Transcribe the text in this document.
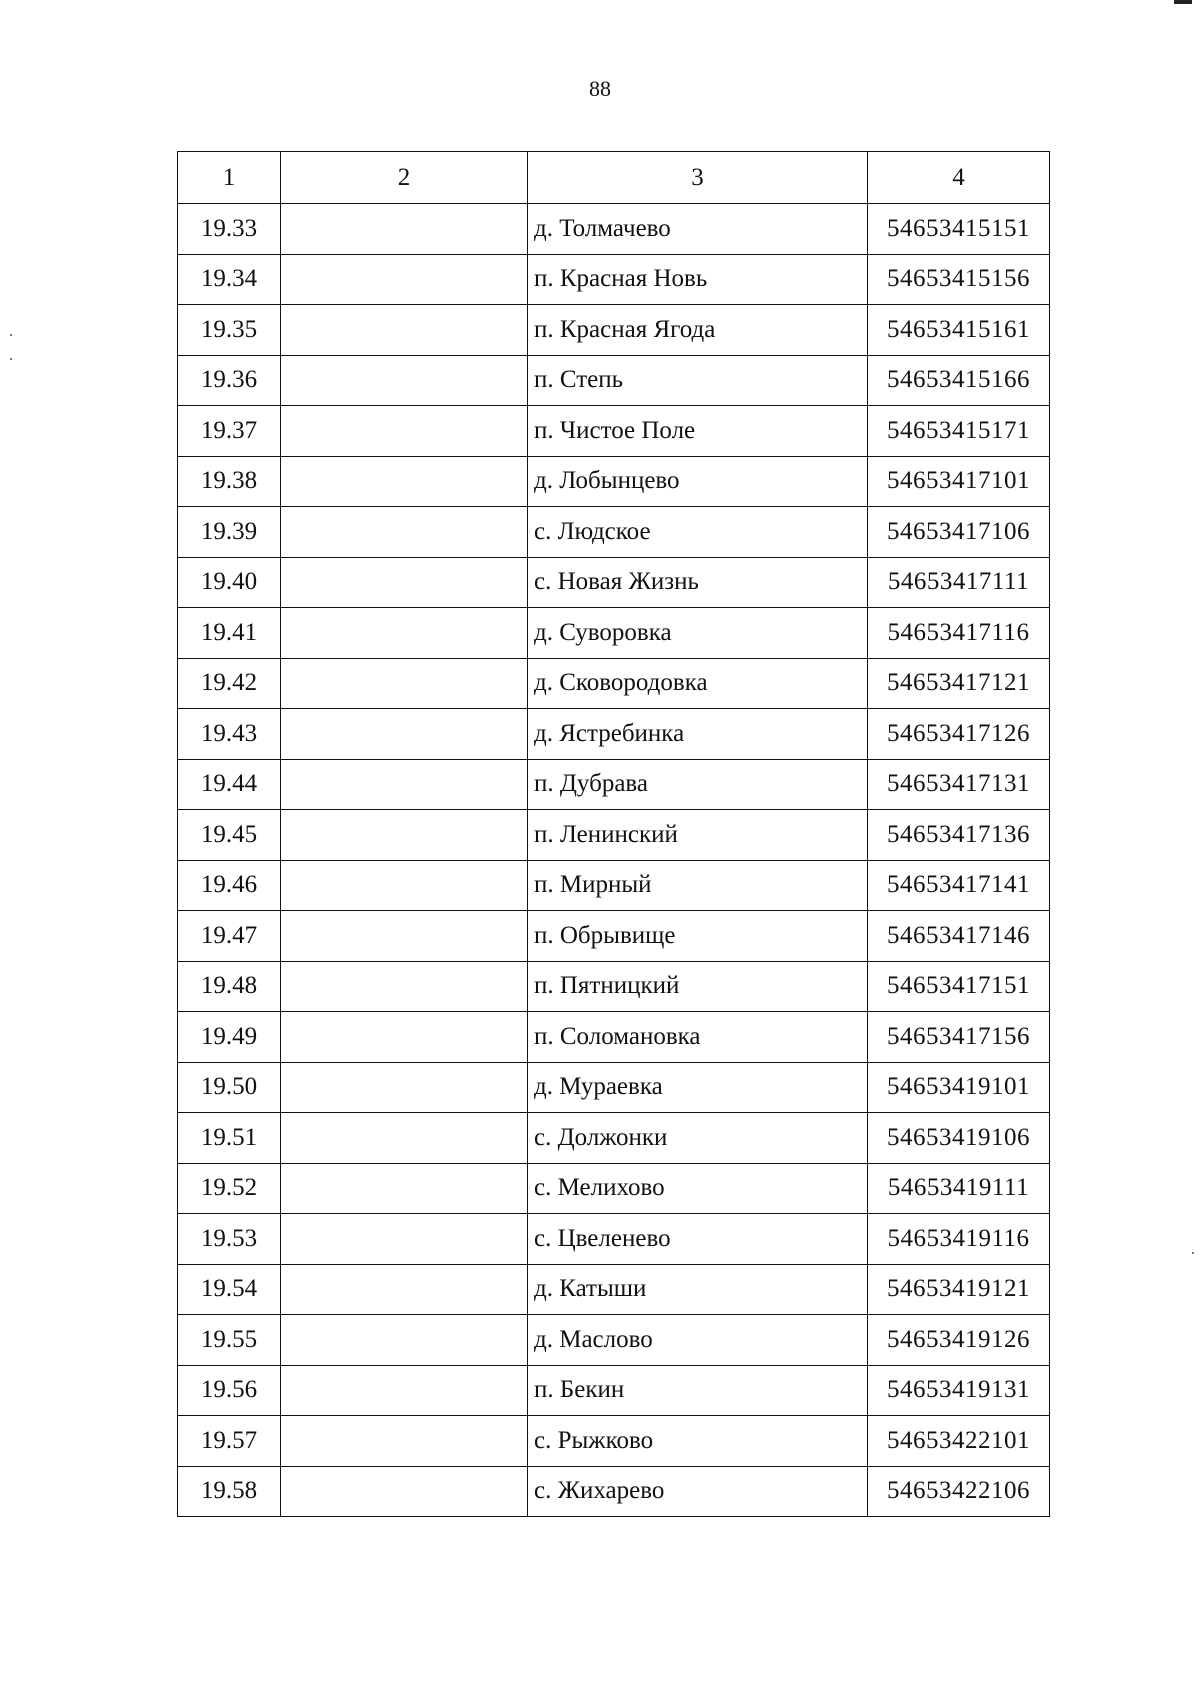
88
1	2	3	4
19.33		д. Толмачево	54653415151
19.34		п. Красная Новь	54653415156
19.35		п. Красная Ягода	54653415161
19.36		п. Степь	54653415166
19.37		п. Чистое Поле	54653415171
19.38		д. Лобынцево	54653417101
19.39		с. Людское	54653417106
19.40		с. Новая Жизнь	54653417111
19.41		д. Суворовка	54653417116
19.42		д. Сковородовка	54653417121
19.43		д. Ястребинка	54653417126
19.44		п. Дубрава	54653417131
19.45		п. Ленинский	54653417136
19.46		п. Мирный	54653417141
19.47		п. Обрывище	54653417146
19.48		п. Пятницкий	54653417151
19.49		п. Соломановка	54653417156
19.50		д. Мураевка	54653419101
19.51		с. Должонки	54653419106
19.52		с. Мелихово	54653419111
19.53		с. Цвеленево	54653419116
19.54		д. Катыши	54653419121
19.55		д. Маслово	54653419126
19.56		п. Бекин	54653419131
19.57		с. Рыжково	54653422101
19.58		с. Жихарево	54653422106
